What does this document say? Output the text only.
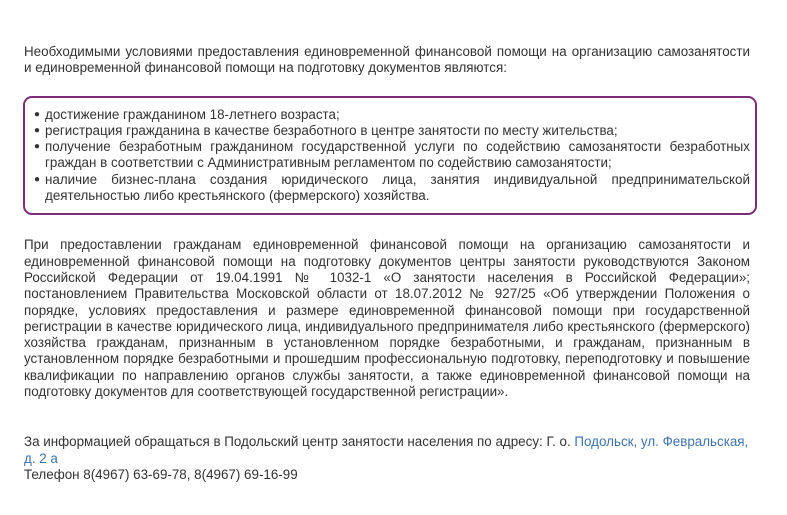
Необходимыми условиями предоставления единовременной финансовой помощи на организацию самозанятости и единовременной финансовой помощи на подготовку документов являются:

● достижение гражданином 18-летнего возраста;
● регистрация гражданина в качестве безработного в центре занятости по месту жительства;
● получение безработным гражданином государственной услуги по содействию самозанятости безработных граждан в соответствии с Административным регламентом по содействию самозанятости;
● наличие бизнес-плана создания юридического лица, занятия индивидуальной предпринимательской деятельностью либо крестьянского (фермерского) хозяйства.

При предоставлении гражданам единовременной финансовой помощи на организацию самозанятости и единовременной финансовой помощи на подготовку документов центры занятости руководствуются Законом Российской Федерации от 19.04.1991 № 1032-1 «О занятости населения в Российской Федерации»; постановлением Правительства Московской области от 18.07.2012 № 927/25 «Об утверждении Положения о порядке, условиях предоставления и размере единовременной финансовой помощи при государственной регистрации в качестве юридического лица, индивидуального предпринимателя либо крестьянского (фермерского) хозяйства гражданам, признанным в установленном порядке безработными, и гражданам, признанным в установленном порядке безработными и прошедшим профессиональную подготовку, переподготовку и повышение квалификации по направлению органов службы занятости, а также единовременной финансовой помощи на подготовку документов для соответствующей государственной регистрации».

За информацией обращаться в Подольский центр занятости населения по адресу: Г. о. Подольск, ул. Февральская, д. 2 а

Телефон 8(4967) 63-69-78, 8(4967) 69-16-99
